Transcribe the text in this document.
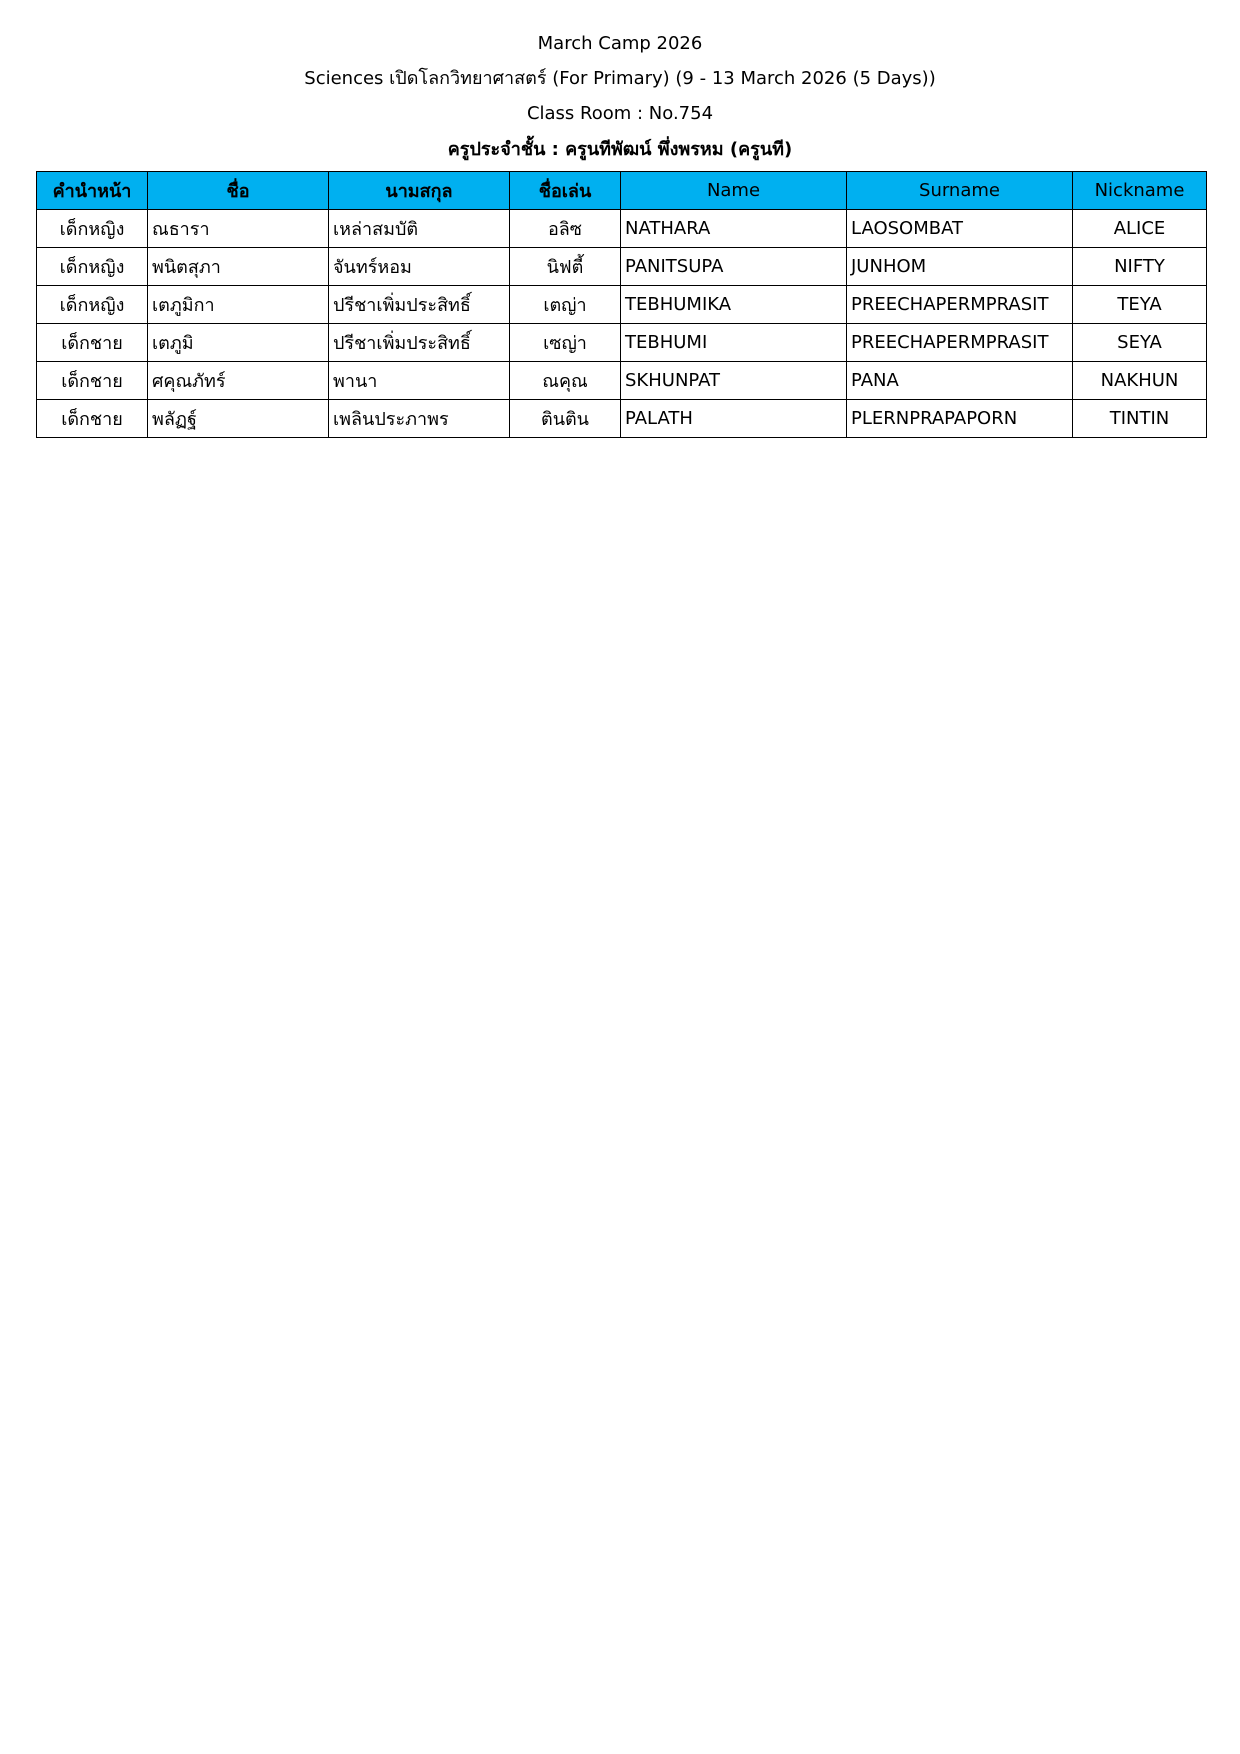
March Camp 2026
Sciences เปิดโลกวิทยาศาสตร์ (For Primary) (9 - 13 March 2026 (5 Days))
Class Room : No.754
ครูประจำชั้น : ครูนทีพัฒน์ พึ่งพรหม (ครูนที)
คำนำหน้า	ชื่อ	นามสกุล	ชื่อเล่น	Name	Surname	Nickname
เด็กหญิง	ณธารา	เหล่าสมบัติ	อลิซ	NATHARA	LAOSOMBAT	ALICE
เด็กหญิง	พนิตสุภา	จันทร์หอม	นิฟตี้	PANITSUPA	JUNHOM	NIFTY
เด็กหญิง	เตภูมิกา	ปรีชาเพิ่มประสิทธิ์	เตญ่า	TEBHUMIKA	PREECHAPERMPRASIT	TEYA
เด็กชาย	เตภูมิ	ปรีชาเพิ่มประสิทธิ์	เซญ่า	TEBHUMI	PREECHAPERMPRASIT	SEYA
เด็กชาย	ศคุณภัทร์	พานา	ณคุณ	SKHUNPAT	PANA	NAKHUN
เด็กชาย	พลัฏฐ์	เพลินประภาพร	ตินติน	PALATH	PLERNPRAPAPORN	TINTIN
